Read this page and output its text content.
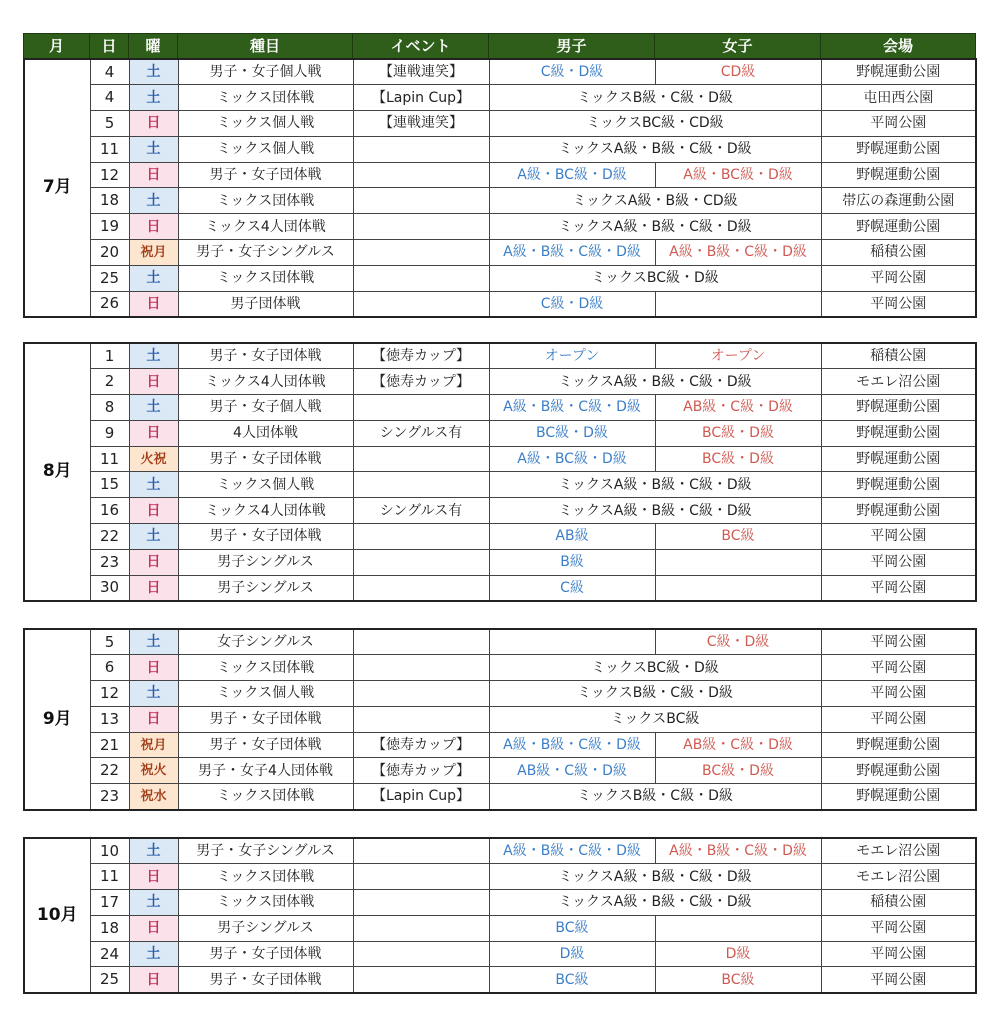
月	日	曜	種目	イベント	男子	女子	会場
7月	4	土	男子・女子個人戦	【連戦連笑】	C級・D級	CD級	野幌運動公園
	4	土	ミックス団体戦	【Lapin Cup】	ミックスB級・C級・D級		屯田西公園
	5	日	ミックス個人戦	【連戦連笑】	ミックスBC級・CD級		平岡公園
	11	土	ミックス個人戦		ミックスA級・B級・C級・D級		野幌運動公園
	12	日	男子・女子団体戦		A級・BC級・D級	A級・BC級・D級	野幌運動公園
	18	土	ミックス団体戦		ミックスA級・B級・CD級		帯広の森運動公園
	19	日	ミックス4人団体戦		ミックスA級・B級・C級・D級		野幌運動公園
	20	祝月	男子・女子シングルス		A級・B級・C級・D級	A級・B級・C級・D級	稲積公園
	25	土	ミックス団体戦		ミックスBC級・D級		平岡公園
	26	日	男子団体戦		C級・D級		平岡公園
8月	1	土	男子・女子団体戦	【徳寿カップ】	オープン	オープン	稲積公園
	2	日	ミックス4人団体戦	【徳寿カップ】	ミックスA級・B級・C級・D級		モエレ沼公園
	8	土	男子・女子個人戦		A級・B級・C級・D級	AB級・C級・D級	野幌運動公園
	9	日	4人団体戦	シングルス有	BC級・D級	BC級・D級	野幌運動公園
	11	火祝	男子・女子団体戦		A級・BC級・D級	BC級・D級	野幌運動公園
	15	土	ミックス個人戦		ミックスA級・B級・C級・D級		野幌運動公園
	16	日	ミックス4人団体戦	シングルス有	ミックスA級・B級・C級・D級		野幌運動公園
	22	土	男子・女子団体戦		AB級	BC級	平岡公園
	23	日	男子シングルス		B級		平岡公園
	30	日	男子シングルス		C級		平岡公園
9月	5	土	女子シングルス			C級・D級	平岡公園
	6	日	ミックス団体戦		ミックスBC級・D級		平岡公園
	12	土	ミックス個人戦		ミックスB級・C級・D級		平岡公園
	13	日	男子・女子団体戦		ミックスBC級		平岡公園
	21	祝月	男子・女子団体戦	【徳寿カップ】	A級・B級・C級・D級	AB級・C級・D級	野幌運動公園
	22	祝火	男子・女子4人団体戦	【徳寿カップ】	AB級・C級・D級	BC級・D級	野幌運動公園
	23	祝水	ミックス団体戦	【Lapin Cup】	ミックスB級・C級・D級		野幌運動公園
10月	10	土	男子・女子シングルス		A級・B級・C級・D級	A級・B級・C級・D級	モエレ沼公園
	11	日	ミックス団体戦		ミックスA級・B級・C級・D級		モエレ沼公園
	17	土	ミックス団体戦		ミックスA級・B級・C級・D級		稲積公園
	18	日	男子シングルス		BC級		平岡公園
	24	土	男子・女子団体戦		D級	D級	平岡公園
	25	日	男子・女子団体戦		BC級	BC級	平岡公園
